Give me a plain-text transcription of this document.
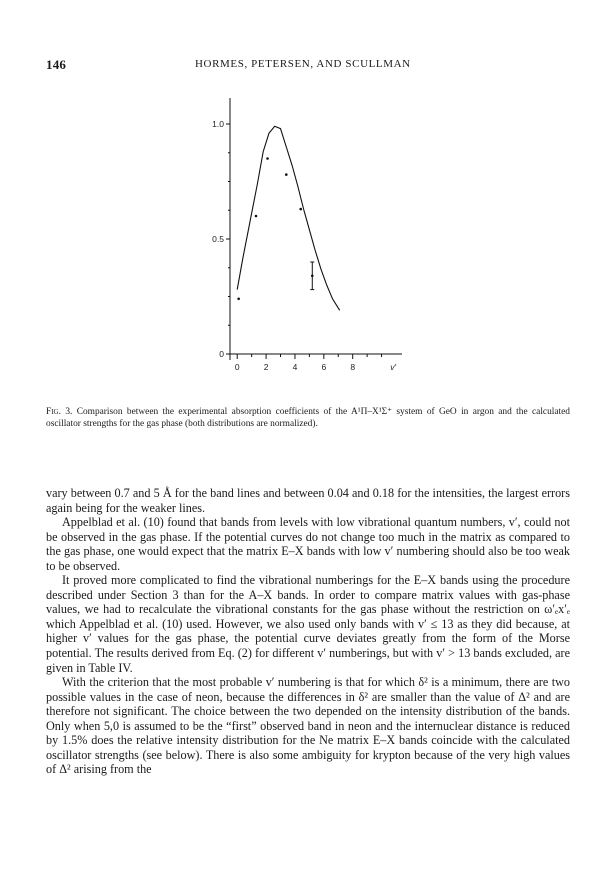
146	HORMES, PETERSEN, AND SCULLMAN
0
0.5
1.0
0	2	4	6	8	v′
Fig. 3. Comparison between the experimental absorption coefficients of the A¹Π–X¹Σ⁺ system of GeO in argon and the calculated oscillator strengths for the gas phase (both distributions are normalized).

vary between 0.7 and 5 Å for the band lines and between 0.04 and 0.18 for the intensities, the largest errors again being for the weaker lines.

Appelblad et al. (10) found that bands from levels with low vibrational quantum numbers, v′, could not be observed in the gas phase. If the potential curves do not change too much in the matrix as compared to the gas phase, one would expect that the matrix E–X bands with low v′ numbering should also be too weak to be observed.

It proved more complicated to find the vibrational numberings for the E–X bands using the procedure described under Section 3 than for the A–X bands. In order to compare matrix values with gas-phase values, we had to recalculate the vibrational constants for the gas phase without the restriction on ω′ₑx′ₑ which Appelblad et al. (10) used. However, we also used only bands with v′ ≤ 13 as they did because, at higher v′ values for the gas phase, the potential curve deviates greatly from the form of the Morse potential. The results derived from Eq. (2) for different v′ numberings, but with v′ > 13 bands excluded, are given in Table IV.

With the criterion that the most probable v′ numbering is that for which δ² is a minimum, there are two possible values in the case of neon, because the differences in δ² are smaller than the value of Δ² and are therefore not significant. The choice between the two depended on the intensity distribution of the bands. Only when 5,0 is assumed to be the “first” observed band in neon and the internuclear distance is reduced by 1.5% does the relative intensity distribution for the Ne matrix E–X bands coincide with the calculated oscillator strengths (see below). There is also some ambiguity for krypton because of the very high values of Δ² arising from the
